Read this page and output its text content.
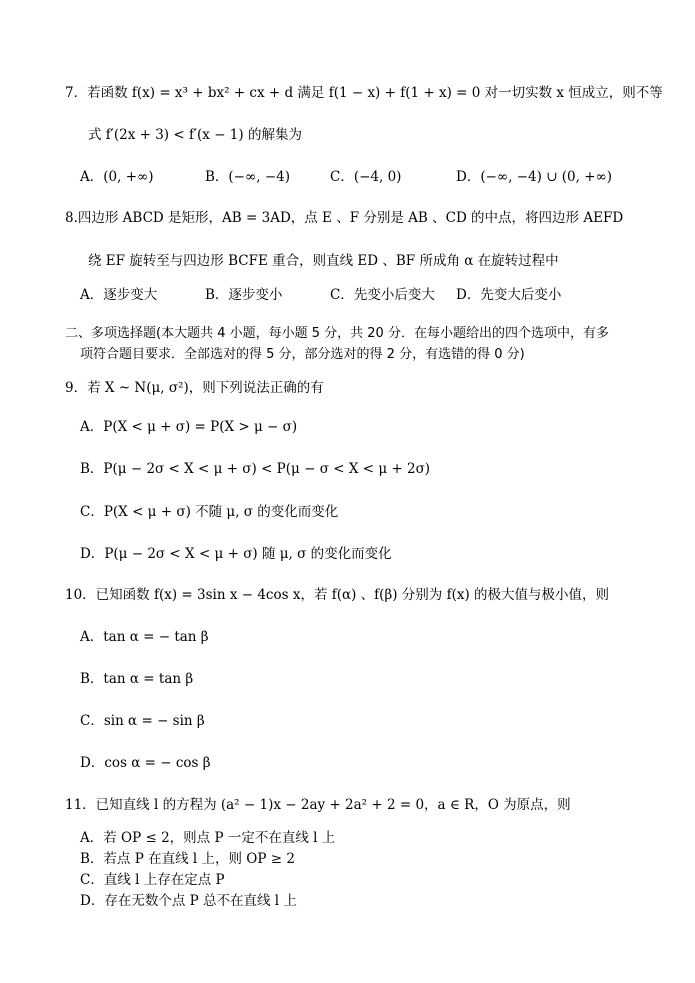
7．若函数 f(x) = x³ + bx² + cx + d 满足 f(1 − x) + f(1 + x) = 0 对一切实数 x 恒成立，则不等
式 f′(2x + 3) < f′(x − 1) 的解集为
A．(0, +∞)	B．(−∞, −4)	C．(−4, 0)	D．(−∞, −4) ∪ (0, +∞)
8.四边形 ABCD 是矩形，AB = 3AD，点 E 、F 分别是 AB 、CD 的中点，将四边形 AEFD
绕 EF 旋转至与四边形 BCFE 重合，则直线 ED 、BF 所成角 α 在旋转过程中
A．逐步变大	B．逐步变小	C．先变小后变大 D．先变大后变小
二、多项选择题(本大题共 4 小题，每小题 5 分，共 20 分．在每小题给出的四个选项中，有多
项符合题目要求．全部选对的得 5 分，部分选对的得 2 分，有选错的得 0 分)
9．若 X ~ N(μ, σ²)，则下列说法正确的有
A．P(X < μ + σ) = P(X > μ − σ)
B．P(μ − 2σ < X < μ + σ) < P(μ − σ < X < μ + 2σ)
C．P(X < μ + σ) 不随 μ, σ 的变化而变化
D．P(μ − 2σ < X < μ + σ) 随 μ, σ 的变化而变化
10．已知函数 f(x) = 3sin x − 4cos x，若 f(α) 、f(β) 分别为 f(x) 的极大值与极小值，则
A．tan α = − tan β
B．tan α = tan β
C．sin α = − sin β
D．cos α = − cos β
11．已知直线 l 的方程为 (a² − 1)x − 2ay + 2a² + 2 = 0，a ∈ R，O 为原点，则
A．若 OP ≤ 2，则点 P 一定不在直线 l 上
B．若点 P 在直线 l 上，则 OP ≥ 2
C．直线 l 上存在定点 P
D．存在无数个点 P 总不在直线 l 上
